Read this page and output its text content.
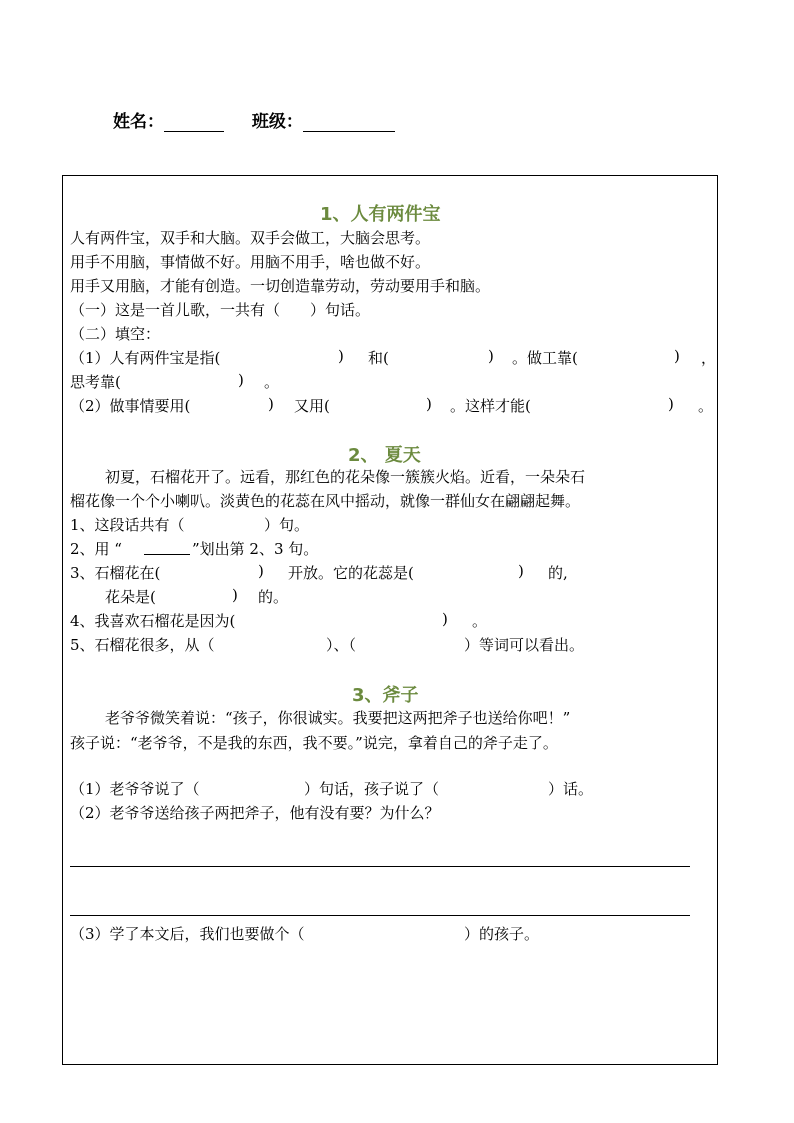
姓名：	班级：
1、人有两件宝
人有两件宝，双手和大脑。双手会做工，大脑会思考。
用手不用脑，事情做不好。用脑不用手，啥也做不好。
用手又用脑，才能有创造。一切创造靠劳动，劳动要用手和脑。
（一）这是一首儿歌，一共有（　　）句话。
（二）填空：
（1）人有两件宝是指(	) 和(	) 。做工靠(	) ，
思考靠(	) 。
（2）做事情要用(	) 又用(	) 。这样才能(	) 。
2、 夏天
初夏，石榴花开了。远看，那红色的花朵像一簇簇火焰。近看，一朵朵石
榴花像一个个小喇叭。淡黄色的花蕊在风中摇动，就像一群仙女在翩翩起舞。
1、这段话共有（	）句。
2、用 “	”划出第 2、3 句。
3、石榴花在(	) 开放。它的花蕊是(	) 的,
花朵是(	) 的。
4、我喜欢石榴花是因为(	) 。
5、石榴花很多，从（	）、（	）等词可以看出。
3、斧子
老爷爷微笑着说：“孩子，你很诚实。我要把这两把斧子也送给你吧！”
孩子说：“老爷爷，不是我的东西，我不要。”说完，拿着自己的斧子走了。
（1）老爷爷说了（	）句话，孩子说了（	）话。
（2）老爷爷送给孩子两把斧子，他有没有要？为什么？
（3）学了本文后，我们也要做个（	）的孩子。
